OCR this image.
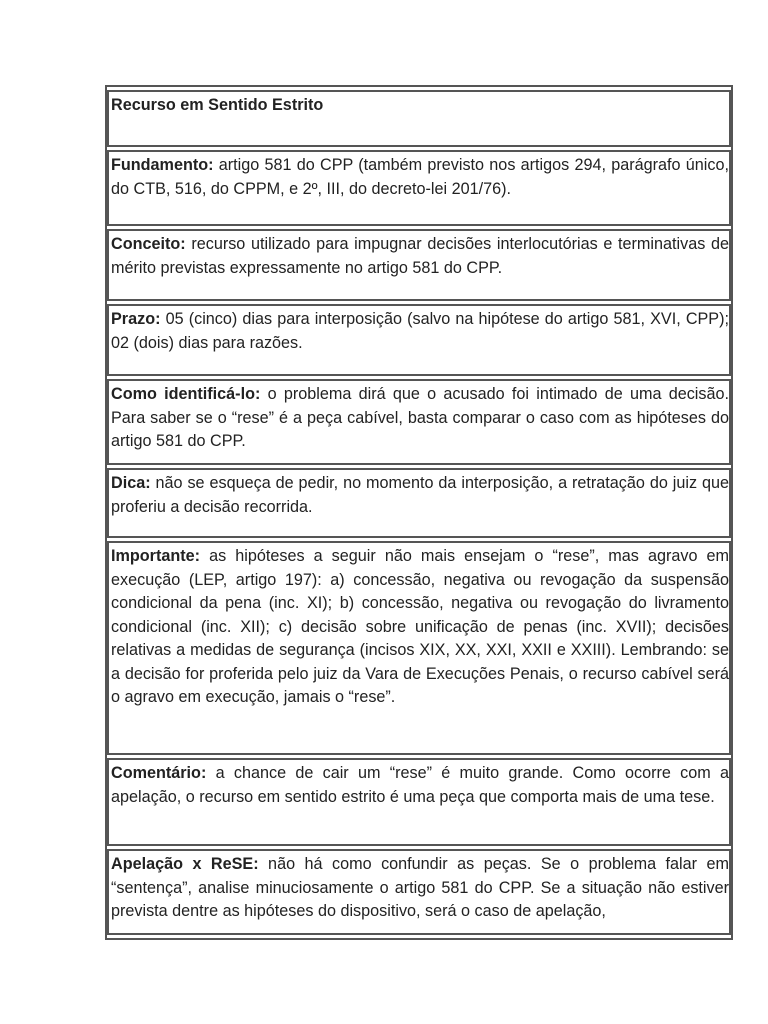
Recurso em Sentido Estrito
Fundamento: artigo 581 do CPP (também previsto nos artigos 294, parágrafo único, do CTB, 516, do CPPM, e 2º, III, do decreto-lei 201/76).
Conceito: recurso utilizado para impugnar decisões interlocutórias e terminativas de mérito previstas expressamente no artigo 581 do CPP.
Prazo: 05 (cinco) dias para interposição (salvo na hipótese do artigo 581, XVI, CPP); 02 (dois) dias para razões.
Como identificá-lo: o problema dirá que o acusado foi intimado de uma decisão. Para saber se o “rese” é a peça cabível, basta comparar o caso com as hipóteses do artigo 581 do CPP.
Dica: não se esqueça de pedir, no momento da interposição, a retratação do juiz que proferiu a decisão recorrida.
Importante: as hipóteses a seguir não mais ensejam o “rese”, mas agravo em execução (LEP, artigo 197): a) concessão, negativa ou revogação da suspensão condicional da pena (inc. XI); b) concessão, negativa ou revogação do livramento condicional (inc. XII); c) decisão sobre unificação de penas (inc. XVII); decisões relativas a medidas de segurança (incisos XIX, XX, XXI, XXII e XXIII). Lembrando: se a decisão for proferida pelo juiz da Vara de Execuções Penais, o recurso cabível será o agravo em execução, jamais o “rese”.
Comentário: a chance de cair um “rese” é muito grande. Como ocorre com a apelação, o recurso em sentido estrito é uma peça que comporta mais de uma tese.
Apelação x ReSE: não há como confundir as peças. Se o problema falar em “sentença”, analise minuciosamente o artigo 581 do CPP. Se a situação não estiver prevista dentre as hipóteses do dispositivo, será o caso de apelação,
